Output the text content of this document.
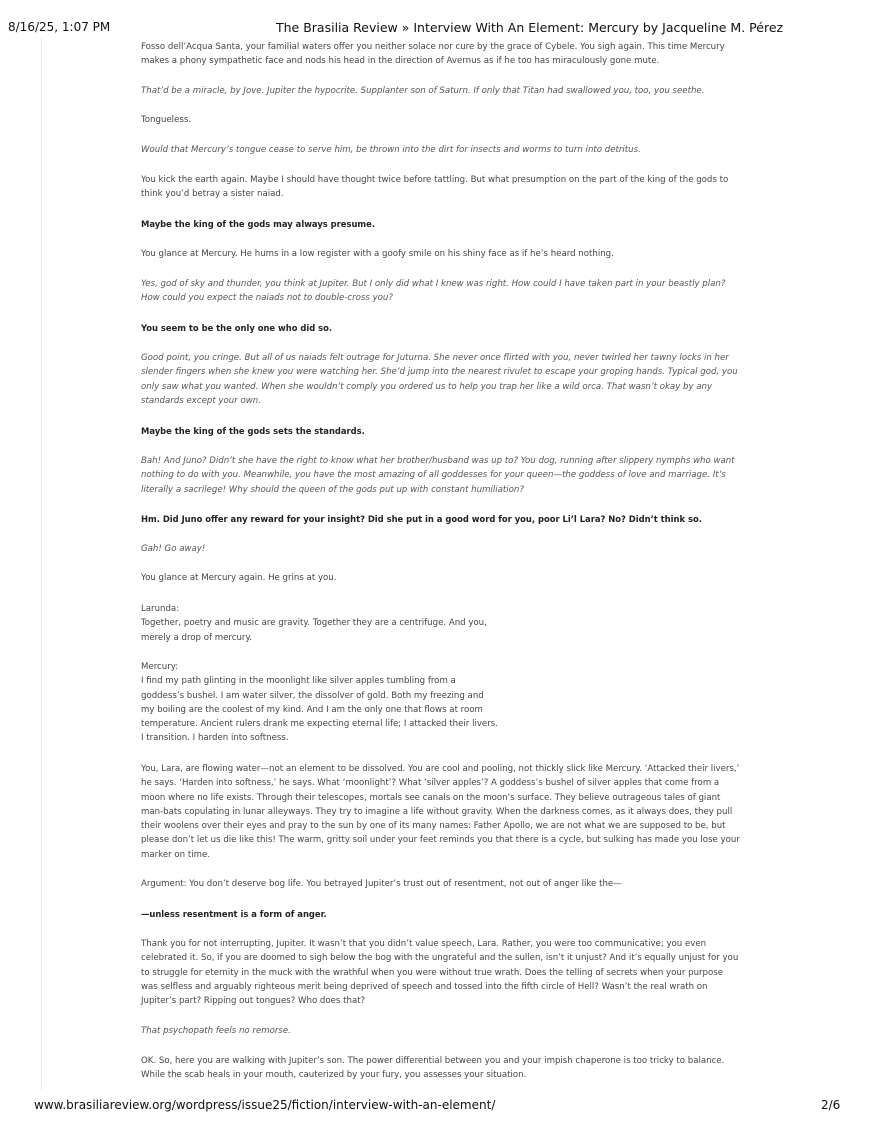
8/16/25, 1:07 PM	The Brasilia Review » Interview With An Element: Mercury by Jacqueline M. Pérez

Fosso dell’Acqua Santa, your familial waters offer you neither solace nor cure by the grace of Cybele. You sigh again. This time Mercury makes a phony sympathetic face and nods his head in the direction of Avernus as if he too has miraculously gone mute.

That’d be a miracle, by Jove. Jupiter the hypocrite. Supplanter son of Saturn. If only that Titan had swallowed you, too, you seethe.

Tongueless.

Would that Mercury’s tongue cease to serve him, be thrown into the dirt for insects and worms to turn into detritus.

You kick the earth again. Maybe I should have thought twice before tattling. But what presumption on the part of the king of the gods to think you’d betray a sister naiad.

Maybe the king of the gods may always presume.

You glance at Mercury. He hums in a low register with a goofy smile on his shiny face as if he’s heard nothing.

Yes, god of sky and thunder, you think at Jupiter. But I only did what I knew was right. How could I have taken part in your beastly plan? How could you expect the naiads not to double-cross you?

You seem to be the only one who did so.

Good point, you cringe. But all of us naiads felt outrage for Juturna. She never once flirted with you, never twirled her tawny locks in her slender fingers when she knew you were watching her. She’d jump into the nearest rivulet to escape your groping hands. Typical god, you only saw what you wanted. When she wouldn’t comply you ordered us to help you trap her like a wild orca. That wasn’t okay by any standards except your own.

Maybe the king of the gods sets the standards.

Bah! And Juno? Didn’t she have the right to know what her brother/husband was up to? You dog, running after slippery nymphs who want nothing to do with you. Meanwhile, you have the most amazing of all goddesses for your queen—the goddess of love and marriage. It’s literally a sacrilege! Why should the queen of the gods put up with constant humiliation?

Hm. Did Juno offer any reward for your insight? Did she put in a good word for you, poor Li’l Lara? No? Didn’t think so.

Gah! Go away!

You glance at Mercury again. He grins at you.

Larunda:
Together, poetry and music are gravity. Together they are a centrifuge. And you,
merely a drop of mercury.

Mercury:
I find my path glinting in the moonlight like silver apples tumbling from a
goddess’s bushel. I am water silver, the dissolver of gold. Both my freezing and
my boiling are the coolest of my kind. And I am the only one that flows at room
temperature. Ancient rulers drank me expecting eternal life; I attacked their livers.
I transition. I harden into softness.

You, Lara, are flowing water—not an element to be dissolved. You are cool and pooling, not thickly slick like Mercury. ‘Attacked their livers,’ he says. ‘Harden into softness,’ he says. What ‘moonlight’? What ‘silver apples’? A goddess’s bushel of silver apples that come from a moon where no life exists. Through their telescopes, mortals see canals on the moon’s surface. They believe outrageous tales of giant man-bats copulating in lunar alleyways. They try to imagine a life without gravity. When the darkness comes, as it always does, they pull their woolens over their eyes and pray to the sun by one of its many names: Father Apollo, we are not what we are supposed to be, but please don’t let us die like this! The warm, gritty soil under your feet reminds you that there is a cycle, but sulking has made you lose your marker on time.

Argument: You don’t deserve bog life. You betrayed Jupiter’s trust out of resentment, not out of anger like the—

—unless resentment is a form of anger.

Thank you for not interrupting, Jupiter. It wasn’t that you didn’t value speech, Lara. Rather, you were too communicative; you even celebrated it. So, if you are doomed to sigh below the bog with the ungrateful and the sullen, isn’t it unjust? And it’s equally unjust for you to struggle for eternity in the muck with the wrathful when you were without true wrath. Does the telling of secrets when your purpose was selfless and arguably righteous merit being deprived of speech and tossed into the fifth circle of Hell? Wasn’t the real wrath on Jupiter’s part? Ripping out tongues? Who does that?

That psychopath feels no remorse.

OK. So, here you are walking with Jupiter’s son. The power differential between you and your impish chaperone is too tricky to balance. While the scab heals in your mouth, cauterized by your fury, you assesses your situation.

www.brasiliareview.org/wordpress/issue25/fiction/interview-with-an-element/	2/6
